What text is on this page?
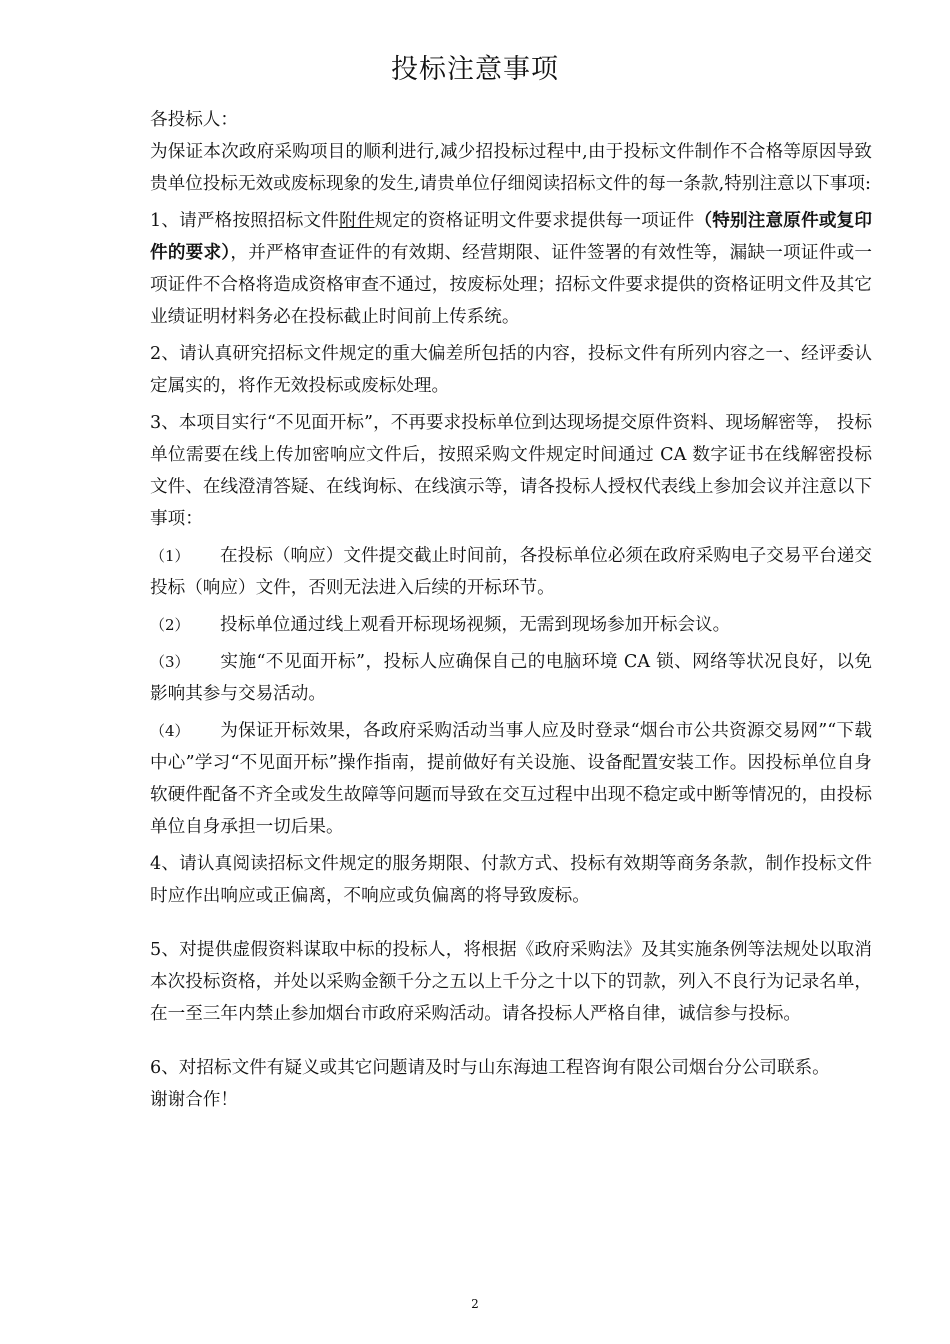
投标注意事项

各投标人：

为保证本次政府采购项目的顺利进行,减少招投标过程中,由于投标文件制作不合格等原因导致贵单位投标无效或废标现象的发生,请贵单位仔细阅读招标文件的每一条款,特别注意以下事项:

1、请严格按照招标文件附件规定的资格证明文件要求提供每一项证件（特别注意原件或复印件的要求），并严格审查证件的有效期、经营期限、证件签署的有效性等，漏缺一项证件或一项证件不合格将造成资格审查不通过，按废标处理；招标文件要求提供的资格证明文件及其它业绩证明材料务必在投标截止时间前上传系统。

2、请认真研究招标文件规定的重大偏差所包括的内容，投标文件有所列内容之一、经评委认定属实的，将作无效投标或废标处理。

3、本项目实行“不见面开标”，不再要求投标单位到达现场提交原件资料、现场解密等， 投标单位需要在线上传加密响应文件后，按照采购文件规定时间通过 CA 数字证书在线解密投标文件、在线澄清答疑、在线询标、在线演示等，请各投标人授权代表线上参加会议并注意以下事项：

（1） 在投标（响应）文件提交截止时间前，各投标单位必须在政府采购电子交易平台递交投标（响应）文件，否则无法进入后续的开标环节。

（2） 投标单位通过线上观看开标现场视频，无需到现场参加开标会议。

（3） 实施“不见面开标”，投标人应确保自己的电脑环境 CA 锁、网络等状况良好，以免影响其参与交易活动。

（4） 为保证开标效果，各政府采购活动当事人应及时登录“烟台市公共资源交易网”“下载中心”学习“不见面开标”操作指南，提前做好有关设施、设备配置安装工作。因投标单位自身软硬件配备不齐全或发生故障等问题而导致在交互过程中出现不稳定或中断等情况的，由投标单位自身承担一切后果。

4、请认真阅读招标文件规定的服务期限、付款方式、投标有效期等商务条款，制作投标文件时应作出响应或正偏离，不响应或负偏离的将导致废标。

5、对提供虚假资料谋取中标的投标人，将根据《政府采购法》及其实施条例等法规处以取消本次投标资格，并处以采购金额千分之五以上千分之十以下的罚款，列入不良行为记录名单， 在一至三年内禁止参加烟台市政府采购活动。请各投标人严格自律，诚信参与投标。

6、对招标文件有疑义或其它问题请及时与山东海迪工程咨询有限公司烟台分公司联系。

谢谢合作！

2
